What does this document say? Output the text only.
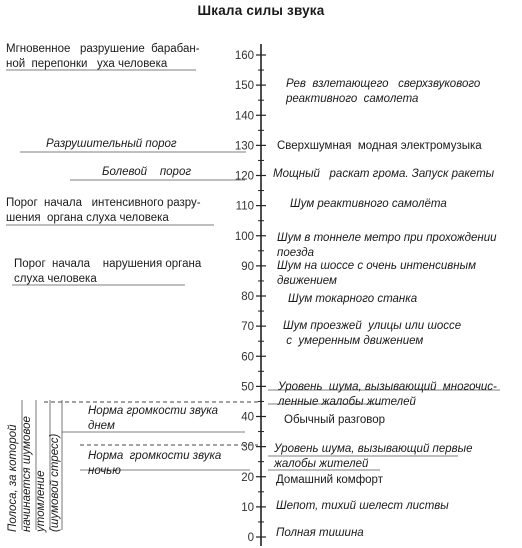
Шкала силы звука
160
150
140
130
120
110
100
90
80
70
60
50
40
30
20
10
0
Рев  взлетающего   сверхзвукового
реактивного  самолета
Сверхшумная  модная электромузыка
Мощный   раскат грома. Запуск ракеты
Шум реактивного самолёта
Шум в тоннеле метро при прохождении
поезда
Шум на шоссе с очень интенсивным
движением
Шум токарного станка
Шум проезжей  улицы или шоссе
с  умеренным движением
Уровень  шума, вызывающий  многочис-
ленные жалобы жителей
Обычный разговор
Уровень шума, вызывающий первые
жалобы жителей
Домашний комфорт
Шепот, тихий шелест листвы
Полная тишина
Мгновенное   разрушение  барабан-
ной  перепонки   уха человека
Разрушительный порог
Болевой    порог
Порог  начала   интенсивного разру-
шения  органа слуха человека
Порог  начала    нарушения органа
слуха человека
Норма громкости звука
днем
Норма  громкости звука
ночью
Полоса, за которой
начинается шумовое
утомление
(шумовой стресс)
